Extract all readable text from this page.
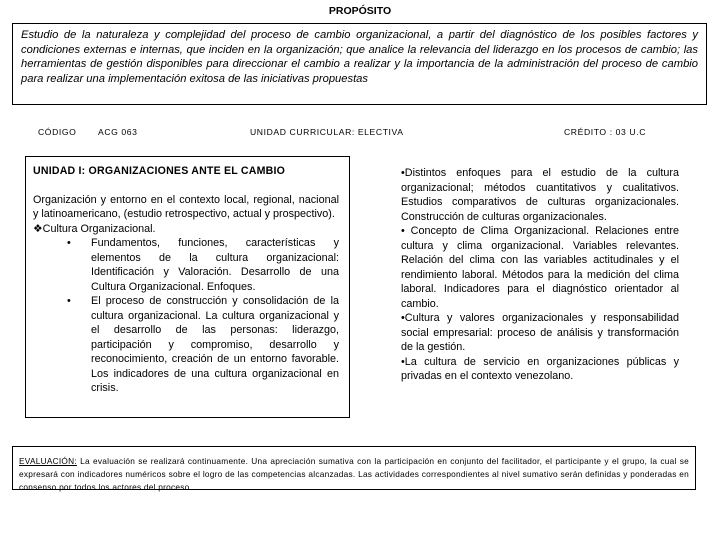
PROPÓSITO
Estudio de la naturaleza y complejidad del proceso de cambio organizacional, a partir del diagnóstico de los posibles factores y condiciones externas e internas, que inciden en la organización; que analice la relevancia del liderazgo en los procesos de cambio; las herramientas de gestión disponibles para direccionar el cambio a realizar y la importancia de la administración del proceso de cambio para realizar una implementación exitosa de las iniciativas propuestas
CÓDIGO	ACG 063	UNIDAD CURRICULAR: ELECTIVA	CRÉDITO : 03 U.C
UNIDAD I: ORGANIZACIONES ANTE EL CAMBIO
Organización y entorno en el contexto local, regional, nacional y latinoamericano, (estudio retrospectivo, actual y prospectivo).
❖Cultura Organizacional.
• Fundamentos, funciones, características y elementos de la cultura organizacional: Identificación y Valoración. Desarrollo de una Cultura Organizacional. Enfoques.
• El proceso de construcción y consolidación de la cultura organizacional. La cultura organizacional y el desarrollo de las personas: liderazgo, participación y compromiso, desarrollo y reconocimiento, creación de un entorno favorable. Los indicadores de una cultura organizacional en crisis.

•Distintos enfoques para el estudio de la cultura organizacional; métodos cuantitativos y cualitativos. Estudios comparativos de culturas organizacionales. Construcción de culturas organizacionales.

• Concepto de Clima Organizacional. Relaciones entre cultura y clima organizacional. Variables relevantes. Relación del clima con las variables actitudinales y el rendimiento laboral. Métodos para la medición del clima laboral. Indicadores para el diagnóstico orientador al cambio.

•Cultura y valores organizacionales y responsabilidad social empresarial: proceso de análisis y transformación de la gestión.

•La cultura de servicio en organizaciones públicas y privadas en el contexto venezolano.

EVALUACIÓN: La evaluación se realizará continuamente. Una apreciación sumativa con la participación en conjunto del facilitador, el participante y el grupo, la cual se expresará con indicadores numéricos sobre el logro de las competencias alcanzadas. Las actividades correspondientes al nivel sumativo serán definidas y ponderadas en consenso por todos los actores del proceso.
